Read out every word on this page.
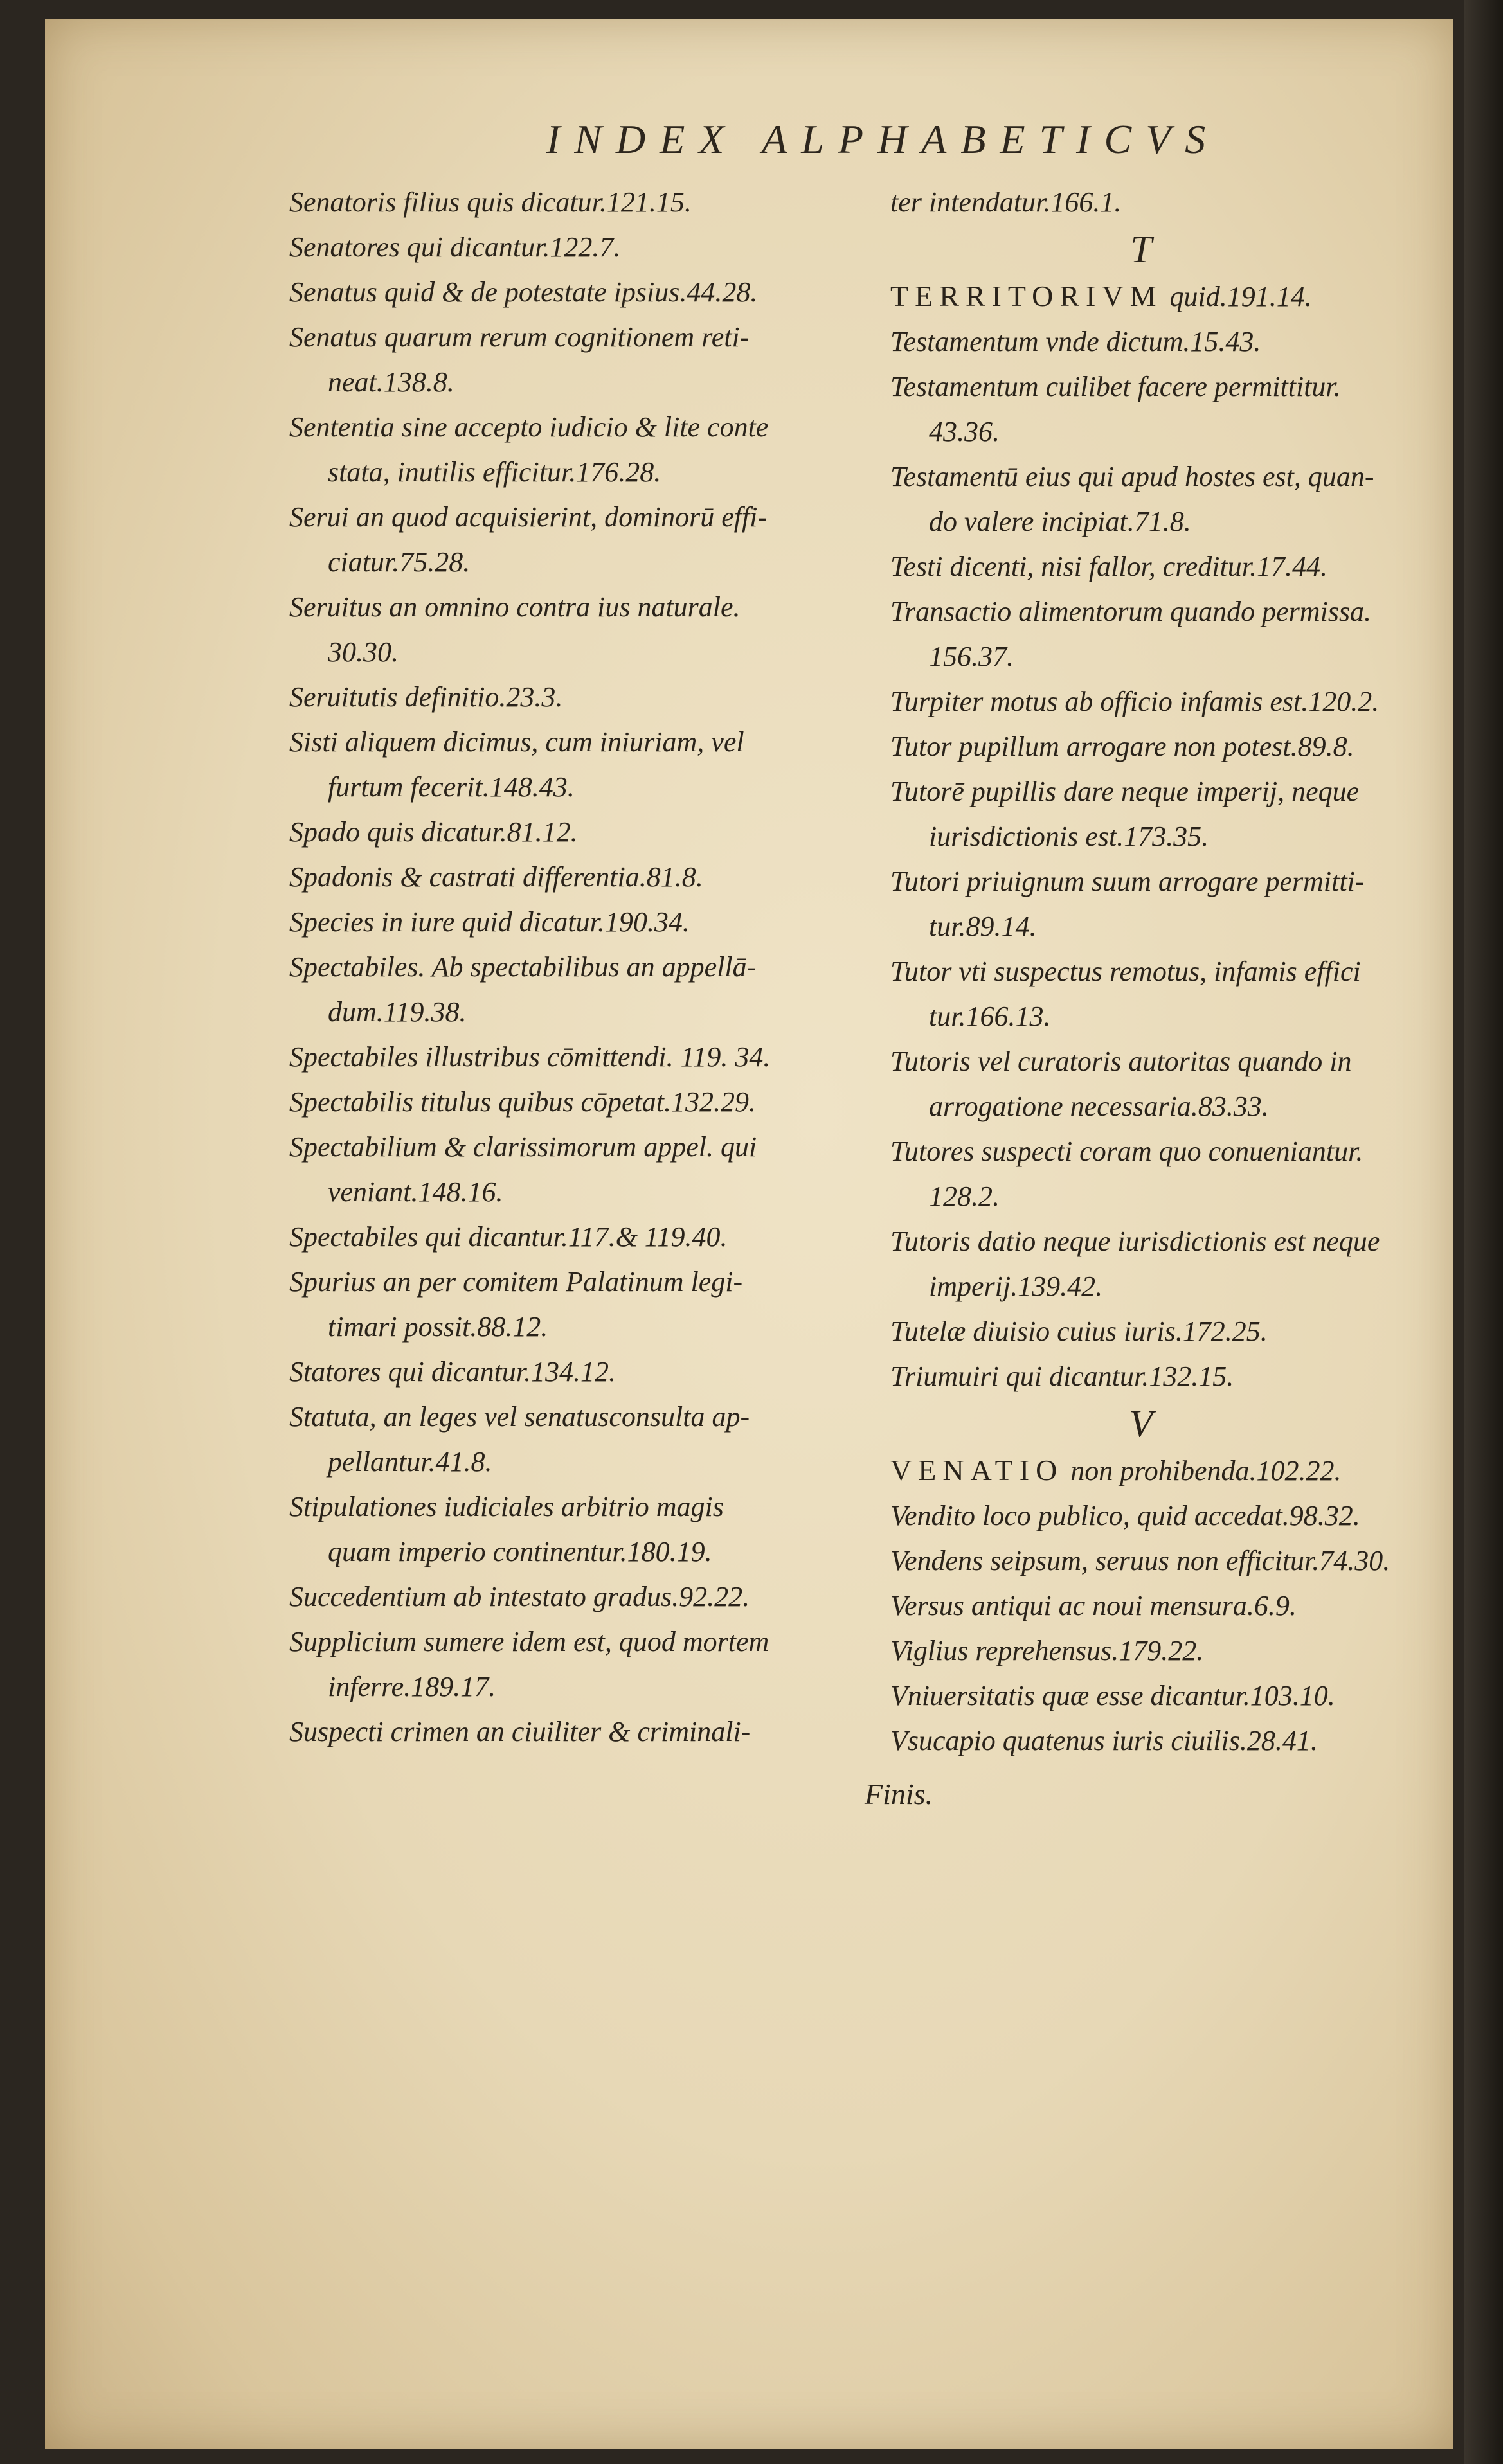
INDEX ALPHABETICVS

Senatoris filius quis dicatur.121.15.

Senatores qui dicantur.122.7.

Senatus quid & de potestate ipsius.44.28.

Senatus quarum rerum cognitionem reti-
neat.138.8.

Sententia sine accepto iudicio & lite conte
stata, inutilis efficitur.176.28.

Serui an quod acquisierint, dominorū effi-
ciatur.75.28.

Seruitus an omnino contra ius naturale.
30.30.

Seruitutis definitio.23.3.

Sisti aliquem dicimus, cum iniuriam, vel
furtum fecerit.148.43.

Spado quis dicatur.81.12.

Spadonis & castrati differentia.81.8.

Species in iure quid dicatur.190.34.

Spectabiles. Ab spectabilibus an appellā-
dum.119.38.

Spectabiles illustribus cōmittendi. 119. 34.

Spectabilis titulus quibus cōpetat.132.29.

Spectabilium & clarissimorum appel. qui
veniant.148.16.

Spectabiles qui dicantur.117.& 119.40.

Spurius an per comitem Palatinum legi-
timari possit.88.12.

Statores qui dicantur.134.12.

Statuta, an leges vel senatusconsulta ap-
pellantur.41.8.

Stipulationes iudiciales arbitrio magis
quam imperio continentur.180.19.

Succedentium ab intestato gradus.92.22.

Supplicium sumere idem est, quod mortem
inferre.189.17.

Suspecti crimen an ciuiliter & criminali-

ter intendatur.166.1.

T

TERRITORIVM quid.191.14.

Testamentum vnde dictum.15.43.

Testamentum cuilibet facere permittitur.
43.36.

Testamentū eius qui apud hostes est, quan-
do valere incipiat.71.8.

Testi dicenti, nisi fallor, creditur.17.44.

Transactio alimentorum quando permissa.
156.37.

Turpiter motus ab officio infamis est.120.2.

Tutor pupillum arrogare non potest.89.8.

Tutorē pupillis dare neque imperij, neque
iurisdictionis est.173.35.

Tutori priuignum suum arrogare permitti-
tur.89.14.

Tutor vti suspectus remotus, infamis effici
tur.166.13.

Tutoris vel curatoris autoritas quando in
arrogatione necessaria.83.33.

Tutores suspecti coram quo conueniantur.
128.2.

Tutoris datio neque iurisdictionis est neque
imperij.139.42.

Tutelæ diuisio cuius iuris.172.25.

Triumuiri qui dicantur.132.15.

V

VENATIO non prohibenda.102.22.

Vendito loco publico, quid accedat.98.32.

Vendens seipsum, seruus non efficitur.74.30.

Versus antiqui ac noui mensura.6.9.

Viglius reprehensus.179.22.

Vniuersitatis quæ esse dicantur.103.10.

Vsucapio quatenus iuris ciuilis.28.41.

Finis.
